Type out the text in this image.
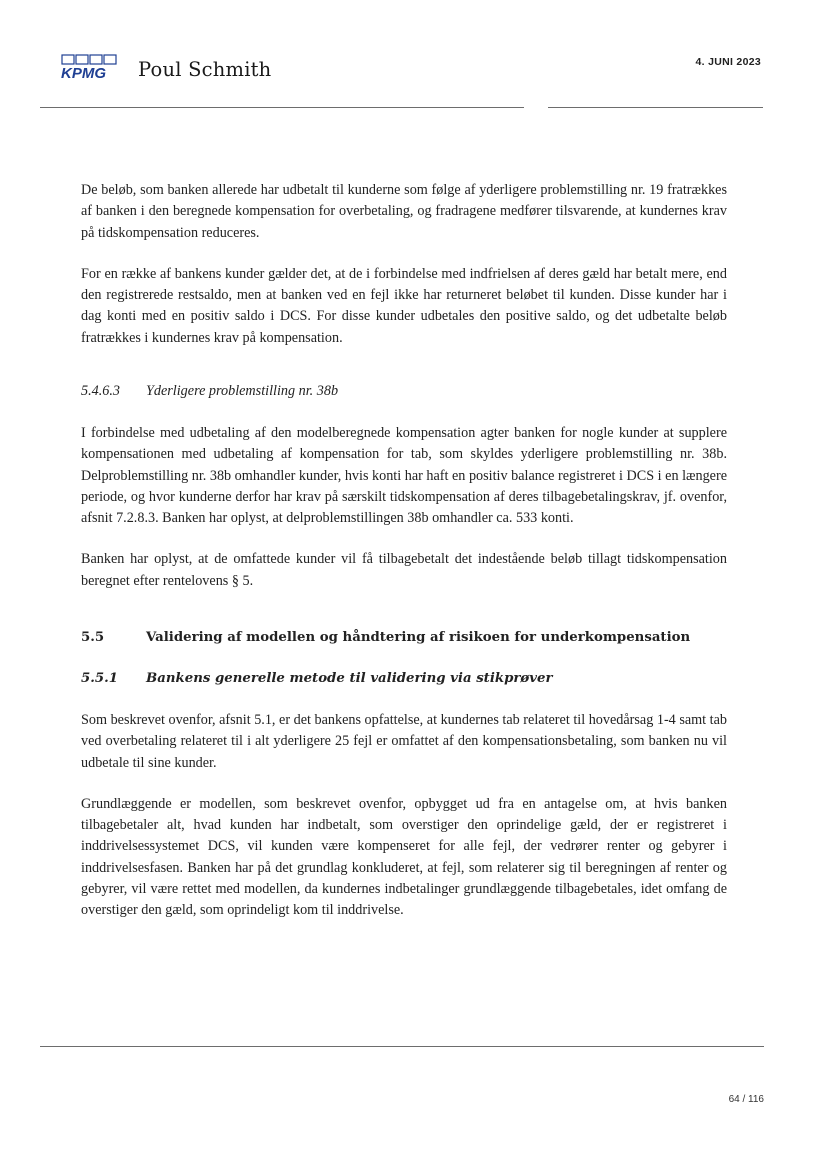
KPMG Poul Schmith	4. JUNI 2023

De beløb, som banken allerede har udbetalt til kunderne som følge af yderligere problemstilling nr. 19 fratrækkes af banken i den beregnede kompensation for overbetaling, og fradragene medfører tilsvarende, at kundernes krav på tidskompensation reduceres.

For en række af bankens kunder gælder det, at de i forbindelse med indfrielsen af deres gæld har betalt mere, end den registrerede restsaldo, men at banken ved en fejl ikke har returneret beløbet til kunden. Disse kunder har i dag konti med en positiv saldo i DCS. For disse kunder udbetales den positive saldo, og det udbetalte beløb fratrækkes i kundernes krav på kompensation.

5.4.6.3 Yderligere problemstilling nr. 38b

I forbindelse med udbetaling af den modelberegnede kompensation agter banken for nogle kunder at supplere kompensationen med udbetaling af kompensation for tab, som skyldes yderligere problemstilling nr. 38b. Delproblemstilling nr. 38b omhandler kunder, hvis konti har haft en positiv balance registreret i DCS i en længere periode, og hvor kunderne derfor har krav på særskilt tidskompensation af deres tilbagebetalingskrav, jf. ovenfor, afsnit 7.2.8.3. Banken har oplyst, at delproblemstillingen 38b omhandler ca. 533 konti.

Banken har oplyst, at de omfattede kunder vil få tilbagebetalt det indestående beløb tillagt tidskompensation beregnet efter rentelovens § 5.

5.5	Validering af modellen og håndtering af risikoen for underkompensation
5.5.1 Bankens generelle metode til validering via stikprøver

Som beskrevet ovenfor, afsnit 5.1, er det bankens opfattelse, at kundernes tab relateret til hovedårsag 1-4 samt tab ved overbetaling relateret til i alt yderligere 25 fejl er omfattet af den kompensationsbetaling, som banken nu vil udbetale til sine kunder.

Grundlæggende er modellen, som beskrevet ovenfor, opbygget ud fra en antagelse om, at hvis banken tilbagebetaler alt, hvad kunden har indbetalt, som overstiger den oprindelige gæld, der er registreret i inddrivelsessystemet DCS, vil kunden være kompenseret for alle fejl, der vedrører renter og gebyrer i inddrivelsesfasen. Banken har på det grundlag konkluderet, at fejl, som relaterer sig til beregningen af renter og gebyrer, vil være rettet med modellen, da kundernes indbetalinger grundlæggende tilbagebetales, idet omfang de overstiger den gæld, som oprindeligt kom til inddrivelse.

64 / 116
